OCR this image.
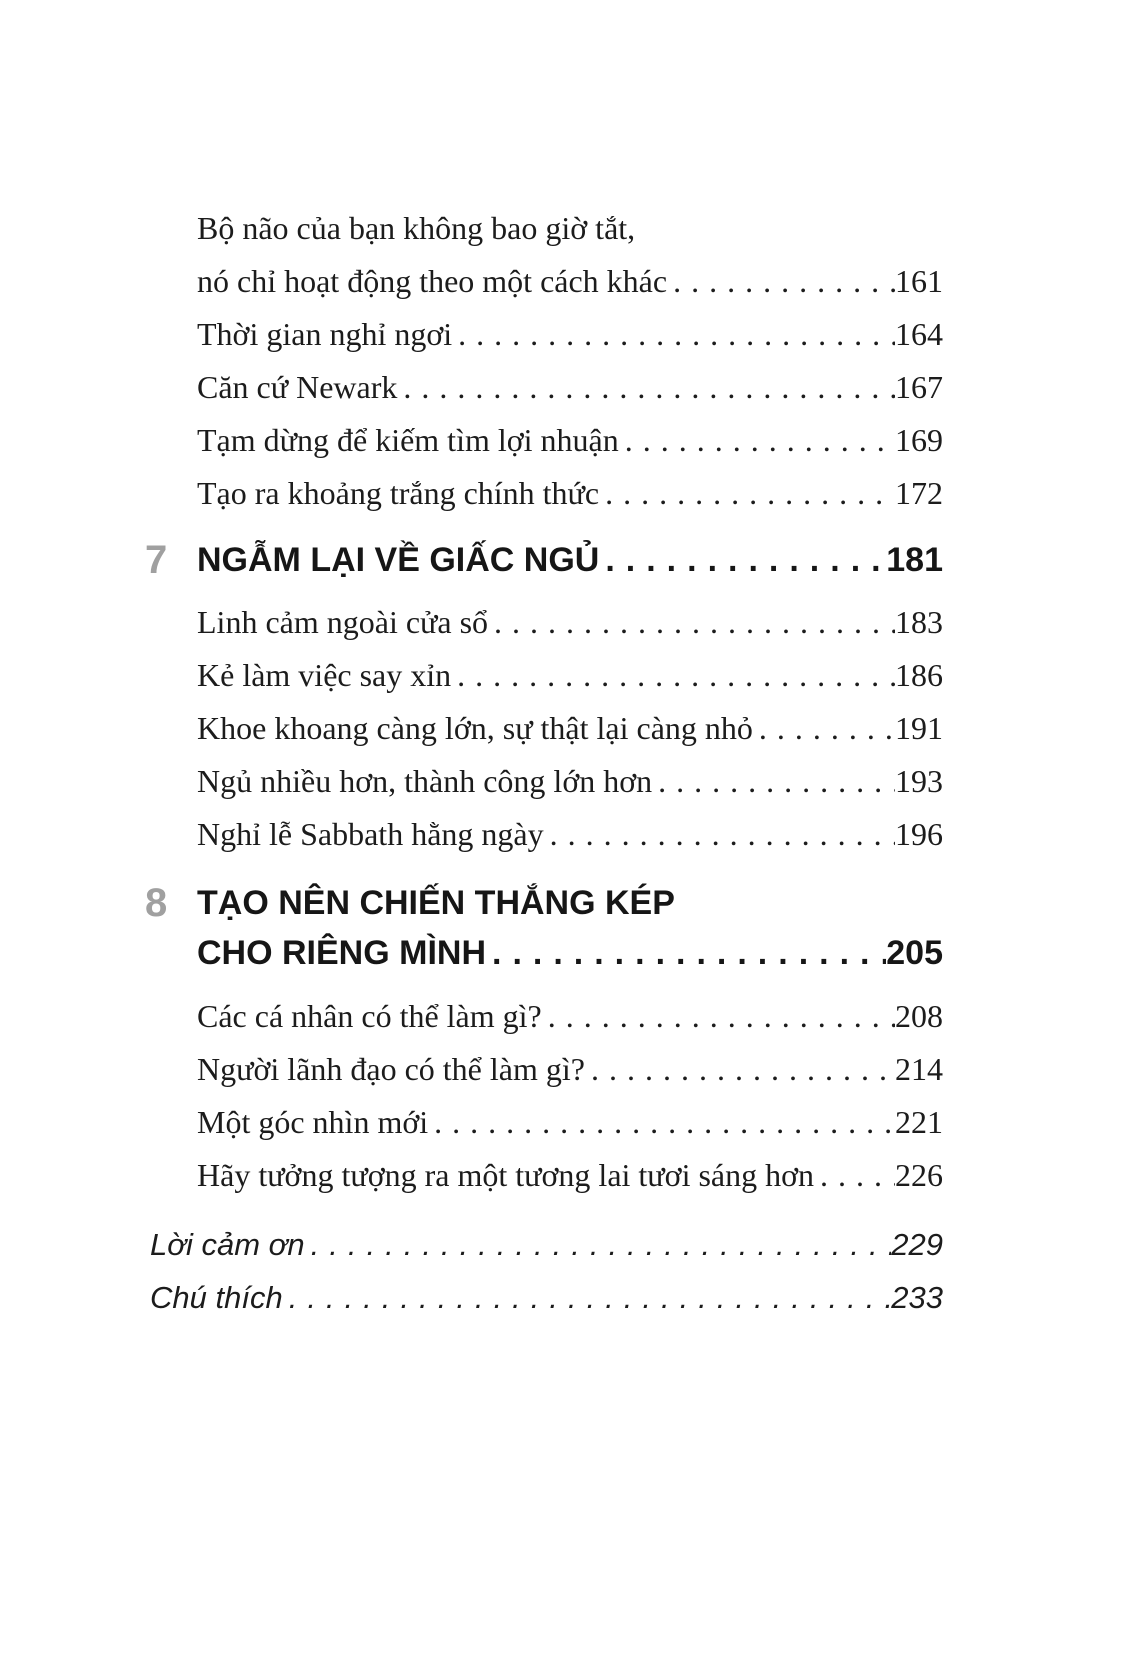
Bộ não của bạn không bao giờ tắt,
nó chỉ hoạt động theo một cách khác .....	161
Thời gian nghỉ ngơi .....	164
Căn cứ Newark .....	167
Tạm dừng để kiếm tìm lợi nhuận .....	169
Tạo ra khoảng trắng chính thức .....	172
7 NGẪM LẠI VỀ GIẤC NGỦ .....	181
Linh cảm ngoài cửa sổ .....	183
Kẻ làm việc say xỉn .....	186
Khoe khoang càng lớn, sự thật lại càng nhỏ .....	191
Ngủ nhiều hơn, thành công lớn hơn .....	193
Nghỉ lễ Sabbath hằng ngày .....	196
8 TẠO NÊN CHIẾN THẮNG KÉP
CHO RIÊNG MÌNH .....	205
Các cá nhân có thể làm gì? .....	208
Người lãnh đạo có thể làm gì? .....	214
Một góc nhìn mới .....	221
Hãy tưởng tượng ra một tương lai tươi sáng hơn .....	226
Lời cảm ơn .....	229
Chú thích .....	233
